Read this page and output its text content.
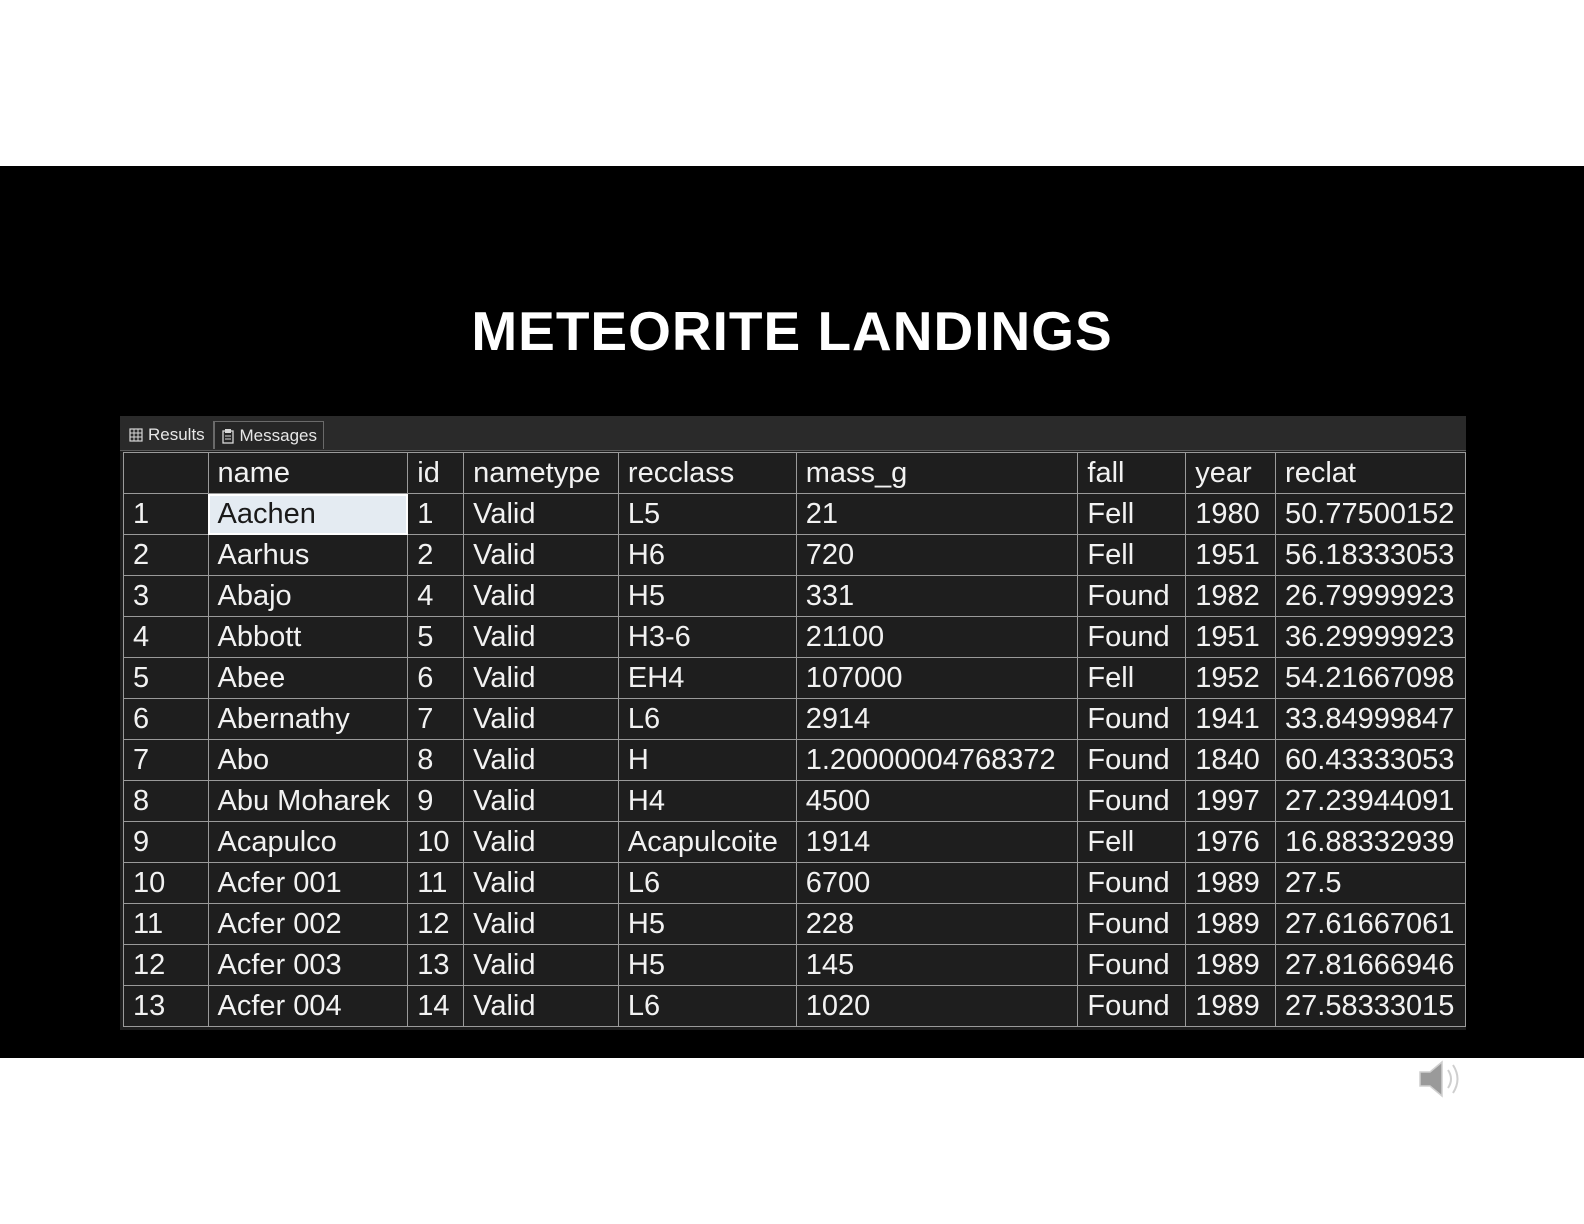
METEORITE LANDINGS
Results Messages
	name	id	nametype	recclass	mass_g	fall	year	reclat
1	Aachen	1	Valid	L5	21	Fell	1980	50.77500152
2	Aarhus	2	Valid	H6	720	Fell	1951	56.18333053
3	Abajo	4	Valid	H5	331	Found	1982	26.79999923
4	Abbott	5	Valid	H3-6	21100	Found	1951	36.29999923
5	Abee	6	Valid	EH4	107000	Fell	1952	54.21667098
6	Abernathy	7	Valid	L6	2914	Found	1941	33.84999847
7	Abo	8	Valid	H	1.20000004768372	Found	1840	60.43333053
8	Abu Moharek	9	Valid	H4	4500	Found	1997	27.23944091
9	Acapulco	10	Valid	Acapulcoite	1914	Fell	1976	16.88332939
10	Acfer 001	11	Valid	L6	6700	Found	1989	27.5
11	Acfer 002	12	Valid	H5	228	Found	1989	27.61667061
12	Acfer 003	13	Valid	H5	145	Found	1989	27.81666946
13	Acfer 004	14	Valid	L6	1020	Found	1989	27.58333015
